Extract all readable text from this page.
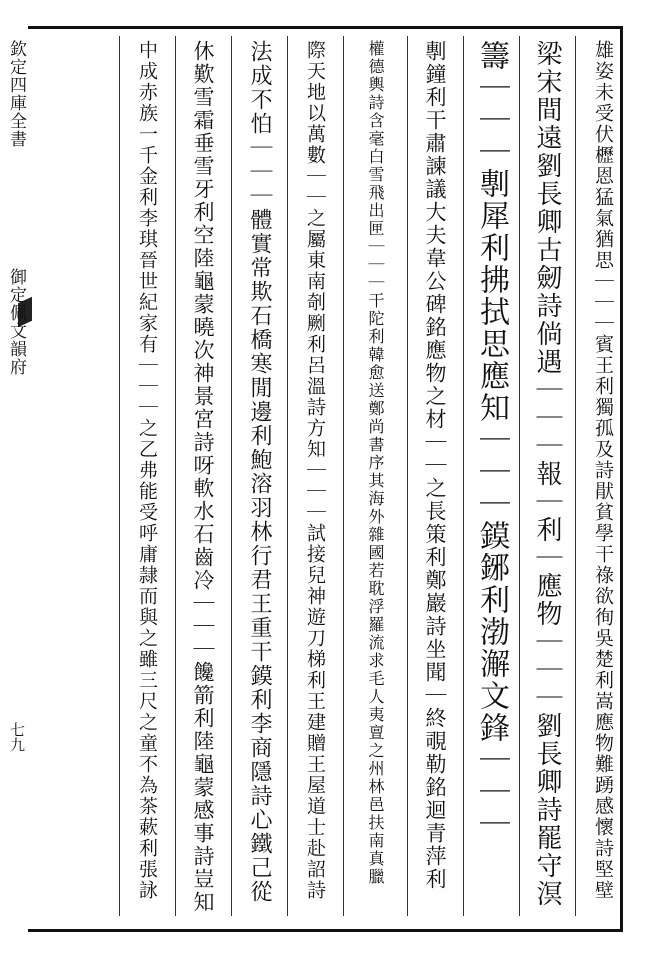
欽定四庫全書御定佩文韻府
七九	雄姿未受伏櫪恩猛氣猶思｜｜｜賓王利獨孤及詩猒貧學干祿欲徇吳楚利嵩應物難踴感懷詩堅壁
梁宋間遠劉長卿古劒詩倘遇｜｜｜報｜利｜應物｜｜｜劉長卿詩罷守溟
籌｜｜｜剸犀利拂拭思應知｜｜｜鏌鋣利渤澥文鋒｜｜｜
剸鐘利干肅諫議大夫韋公碑銘應物之材｜｜之長策利鄭巖詩坐聞｜終覗勒銘迴青萍利
權德輿詩含毫白雪飛出匣｜｜｜干陀利韓愈送鄭尚書序其海外雜國若耽浮羅流求毛人夷亶之州林邑扶南真臘
際天地以萬數｜｜之屬東南剞劂利呂溫詩方知｜｜｜試接兒神遊刀梯利王建贈王屋道士赴詔詩
法成不怕｜｜｜體實常欺石橋寒閒邊利鮑溶羽林行君王重干鏌利李商隱詩心鐵己從
休歎雪霜垂雪牙利空陸龜蒙曉次神景宮詩呀軟水石齒冷｜｜｜饞箭利陸龜蒙感事詩豈知
中成赤族一千金利李琪晉世紀家有｜｜｜之乙弗能受呼庸隷而與之雖三尺之童不為茶蔌利張詠
